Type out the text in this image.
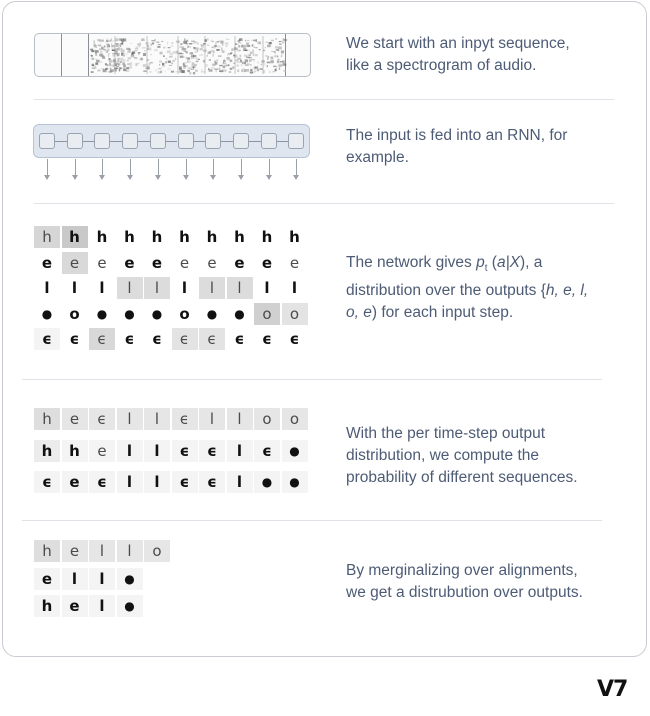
We start with an inpyt sequence,
like a spectrogram of audio.
The input is fed into an RNN, for
example.
h	h	h	h	h	h	h	h	h	h
e	e	e	e	e	e	e	e	e	e
l	l	l	l	l	l	l	l	l	l
●	o	●	●	●	o	●	●	o	o
ϵ	ϵ	ϵ	ϵ	ϵ	ϵ	ϵ	ϵ	ϵ	ϵ
The network gives $p_t$ (a|X), a
distribution over the outputs {h, e, l,
o, e) for each input step.
h	e	ϵ	l	l	ϵ	l	l	o	o
h	h	e	l	l	ϵ	ϵ	l	ϵ	●
ϵ	e	ϵ	l	l	ϵ	ϵ	l	●	●
With the per time-step output
distribution, we compute the
probability of different sequences.
h	e	l	l	o
e	l	l	●
h	e	l	●
By merginalizing over alignments,
we get a distrubution over outputs.
V7
